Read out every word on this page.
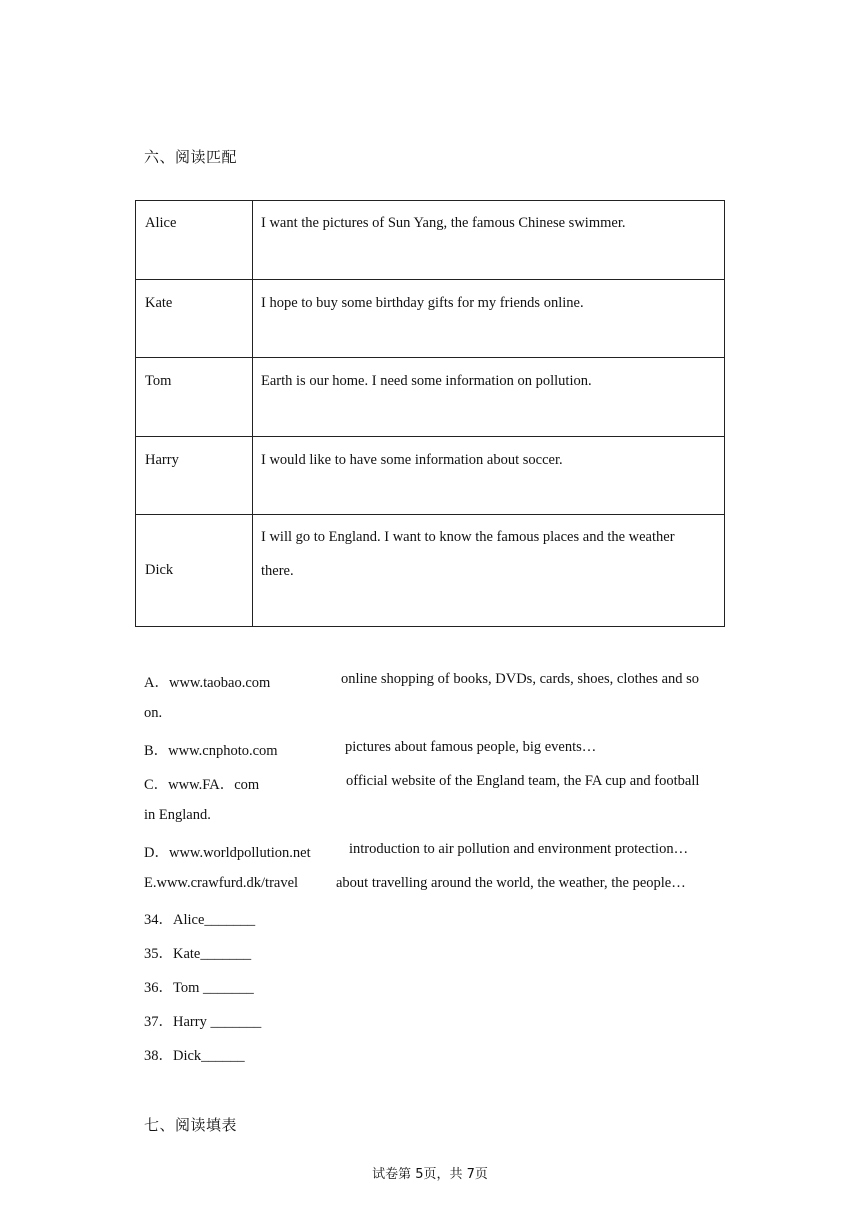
六、阅读匹配
Alice	I want the pictures of Sun Yang, the famous Chinese swimmer.
Kate	I hope to buy some birthday gifts for my friends online.
Tom	Earth is our home. I need some information on pollution.
Harry	I would like to have some information about soccer.
Dick	I will go to England. I want to know the famous places and the weather there.
A．www.taobao.com	online shopping of books, DVDs, cards, shoes, clothes and so
on.
B．www.cnphoto.com	pictures about famous people, big events…
C．www.FA．com	official website of the England team, the FA cup and football
in England.
D．www.worldpollution.net	introduction to air pollution and environment protection…
E.www.crawfurd.dk/travel	about travelling around the world, the weather, the people…
34．Alice_______
35．Kate_______
36．Tom _______
37．Harry _______
38．Dick______
七、阅读填表
试卷第 5页，共 7页
